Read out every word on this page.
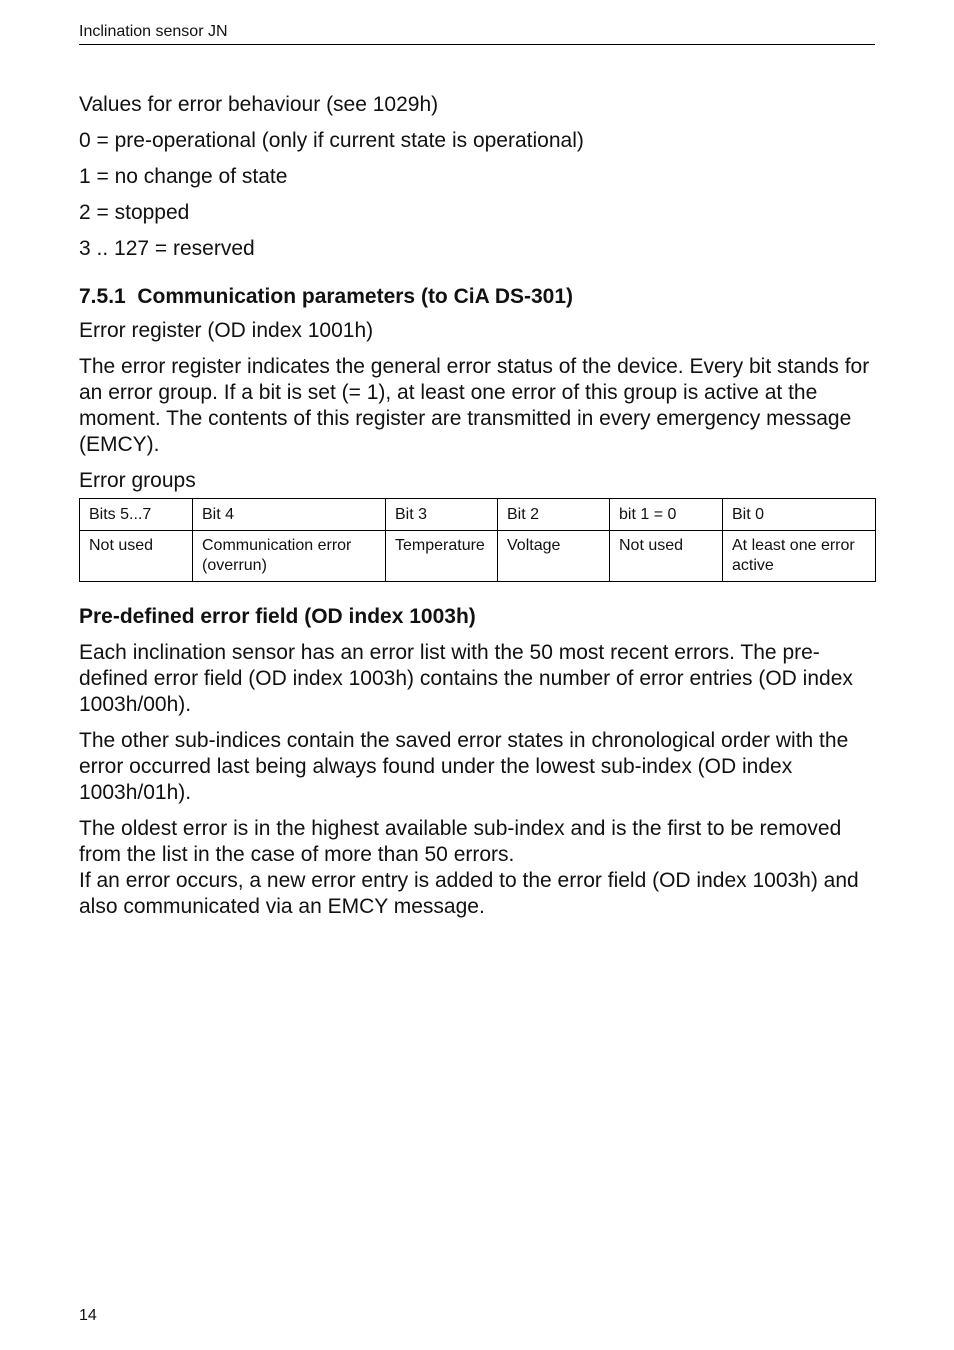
Inclination sensor JN

Values for error behaviour (see 1029h)

0 = pre-operational (only if current state is operational)

1 = no change of state

2 = stopped

3 .. 127 = reserved

7.5.1  Communication parameters (to CiA DS-301)

Error register (OD index 1001h)

The error register indicates the general error status of the device. Every bit stands for an error group. If a bit is set (= 1), at least one error of this group is active at the moment. The contents of this register are transmitted in every emergency message (EMCY).

Error groups

Bits 5...7	Bit 4	Bit 3	Bit 2	bit 1 = 0	Bit 0
Not used	Communication error (overrun)	Temperature	Voltage	Not used	At least one error active

Pre-defined error field (OD index 1003h)

Each inclination sensor has an error list with the 50 most recent errors. The pre-defined error field (OD index 1003h) contains the number of error entries (OD index 1003h/00h).

The other sub-indices contain the saved error states in chronological order with the error occurred last being always found under the lowest sub-index (OD index 1003h/01h).

The oldest error is in the highest available sub-index and is the first to be removed from the list in the case of more than 50 errors.

If an error occurs, a new error entry is added to the error field (OD index 1003h) and also communicated via an EMCY message.

14
